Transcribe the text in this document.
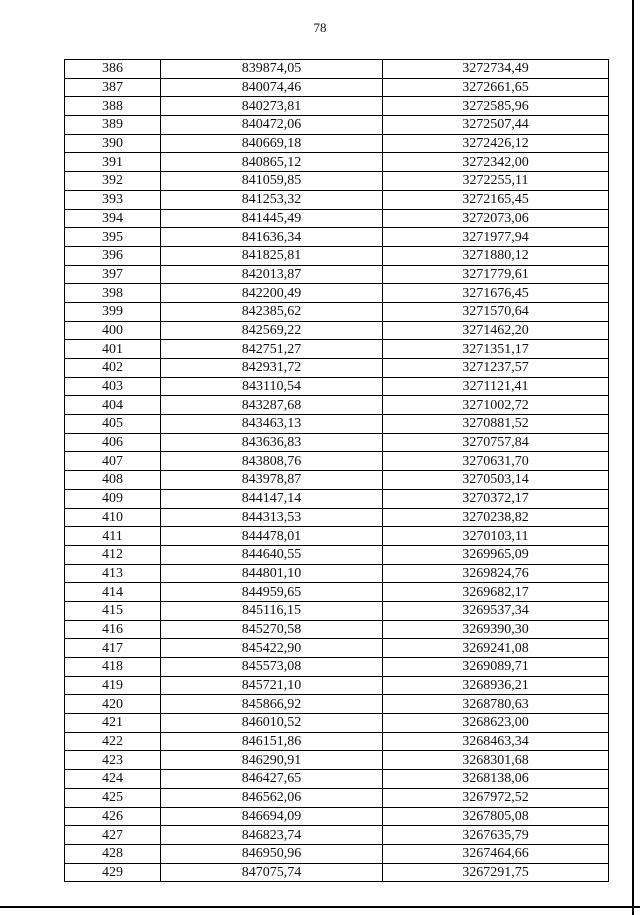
78
386	839874,05	3272734,49
387	840074,46	3272661,65
388	840273,81	3272585,96
389	840472,06	3272507,44
390	840669,18	3272426,12
391	840865,12	3272342,00
392	841059,85	3272255,11
393	841253,32	3272165,45
394	841445,49	3272073,06
395	841636,34	3271977,94
396	841825,81	3271880,12
397	842013,87	3271779,61
398	842200,49	3271676,45
399	842385,62	3271570,64
400	842569,22	3271462,20
401	842751,27	3271351,17
402	842931,72	3271237,57
403	843110,54	3271121,41
404	843287,68	3271002,72
405	843463,13	3270881,52
406	843636,83	3270757,84
407	843808,76	3270631,70
408	843978,87	3270503,14
409	844147,14	3270372,17
410	844313,53	3270238,82
411	844478,01	3270103,11
412	844640,55	3269965,09
413	844801,10	3269824,76
414	844959,65	3269682,17
415	845116,15	3269537,34
416	845270,58	3269390,30
417	845422,90	3269241,08
418	845573,08	3269089,71
419	845721,10	3268936,21
420	845866,92	3268780,63
421	846010,52	3268623,00
422	846151,86	3268463,34
423	846290,91	3268301,68
424	846427,65	3268138,06
425	846562,06	3267972,52
426	846694,09	3267805,08
427	846823,74	3267635,79
428	846950,96	3267464,66
429	847075,74	3267291,75
